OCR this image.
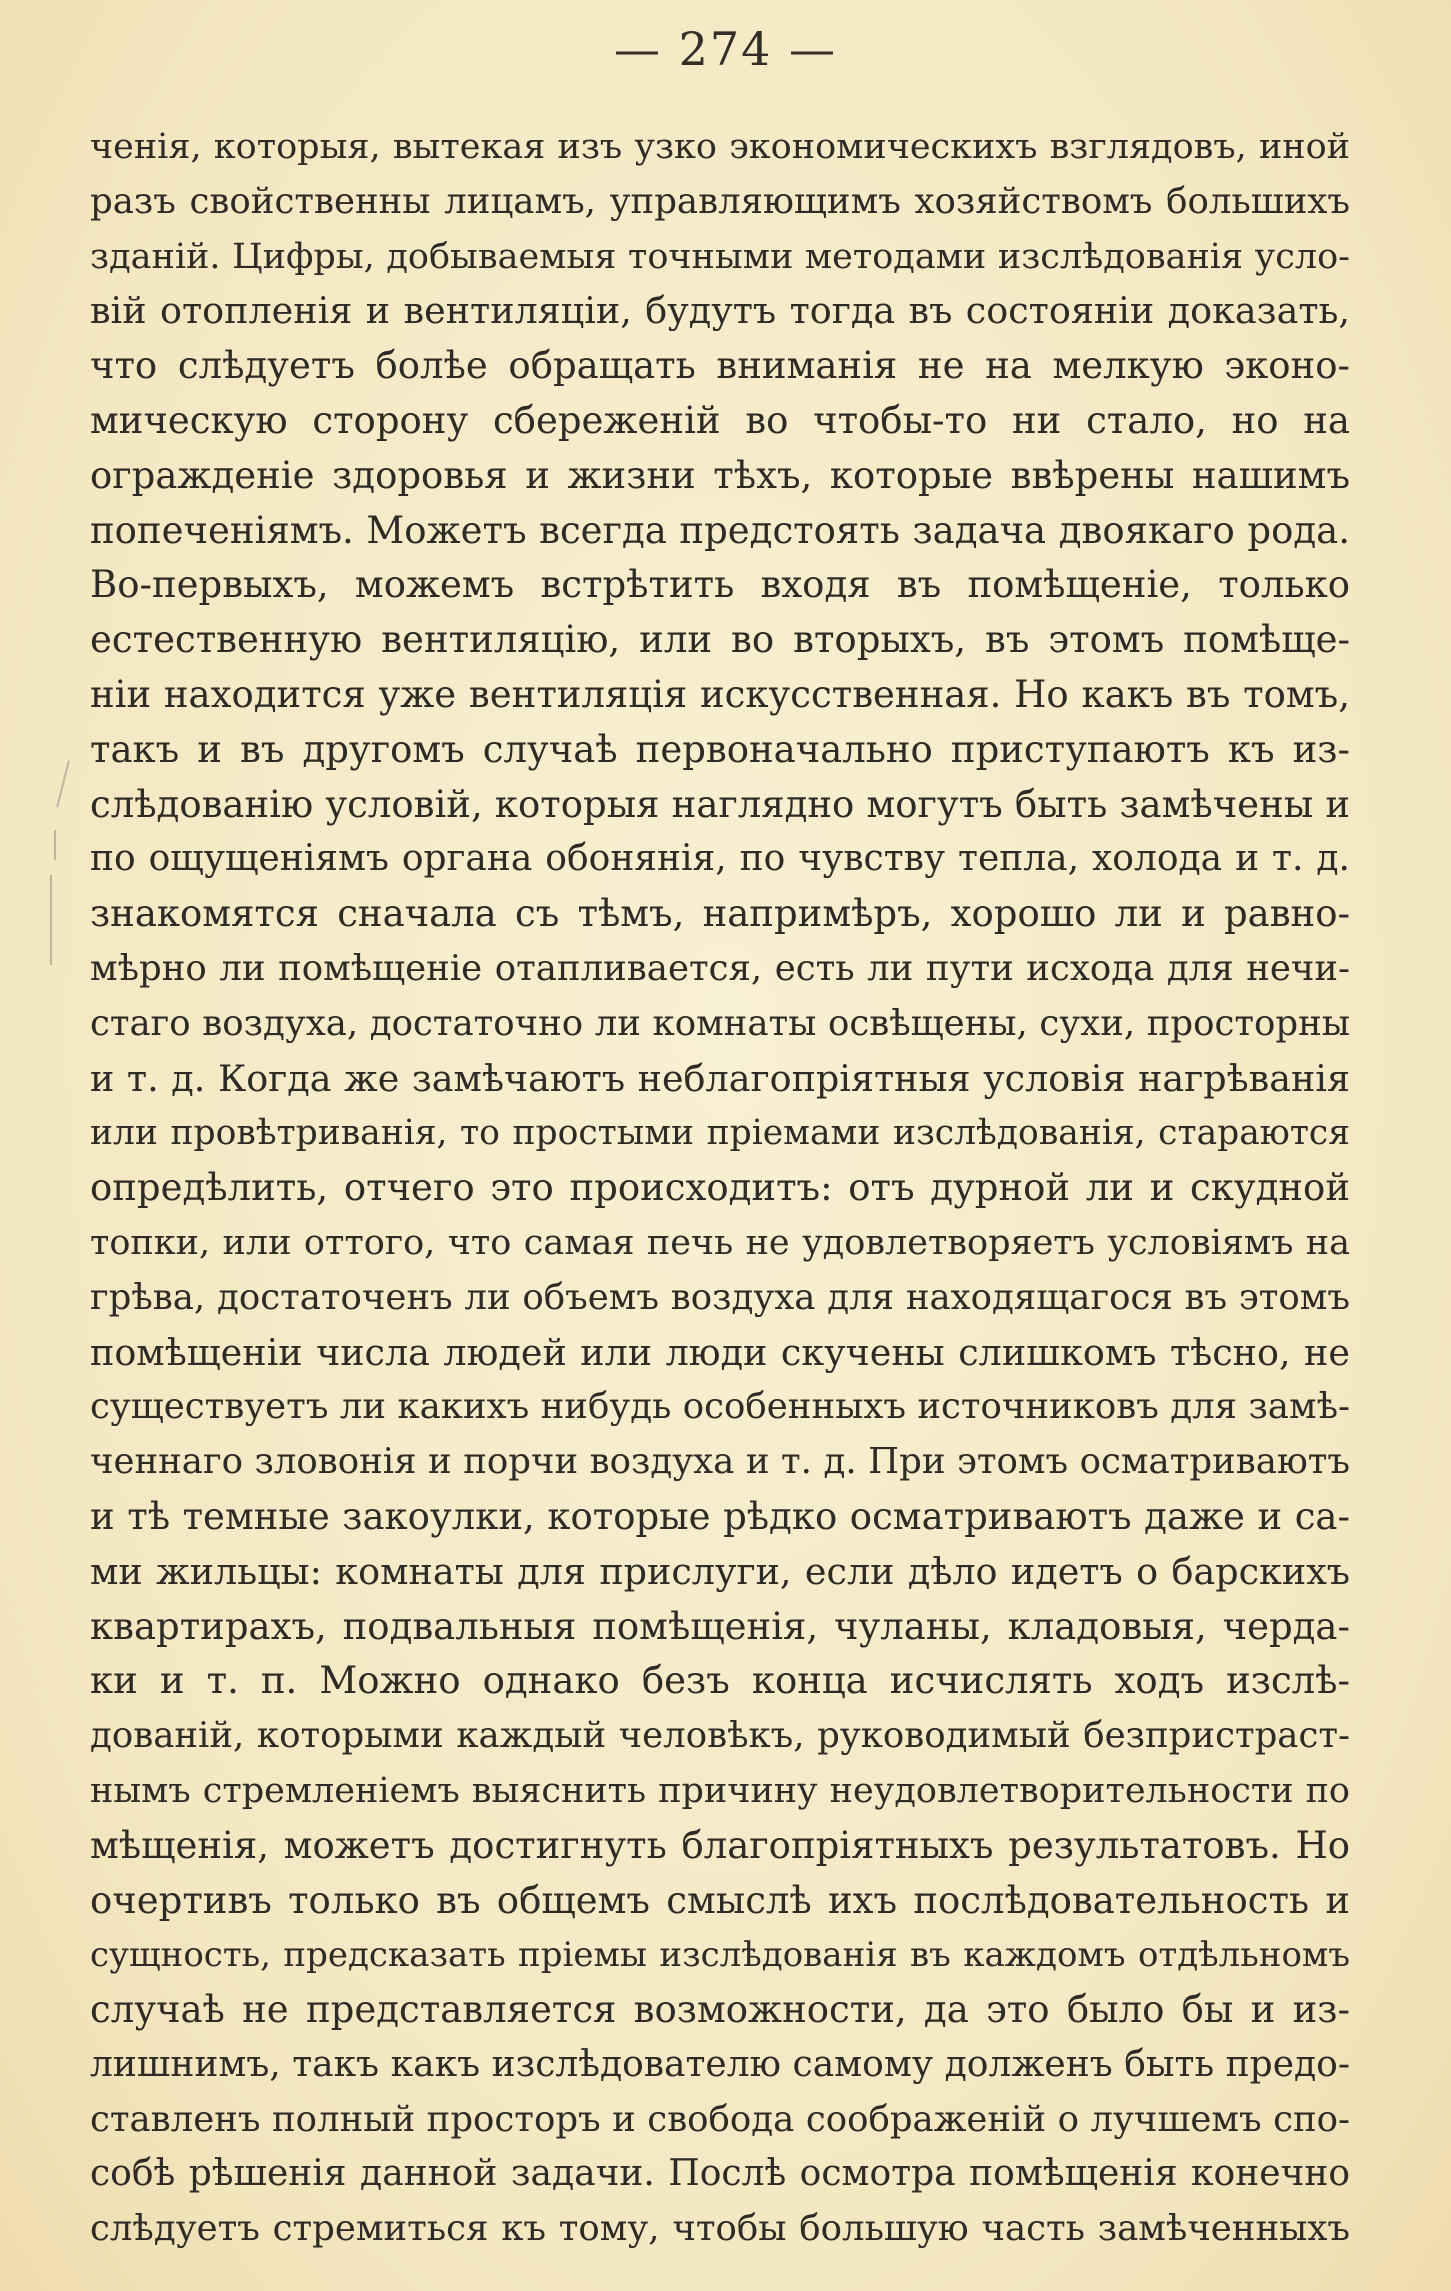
— 274 —
ченія, которыя, вытекая изъ узко экономическихъ взглядовъ, иной
разъ свойственны лицамъ, управляющимъ хозяйствомъ большихъ
зданій. Цифры, добываемыя точными методами изслѣдованія усло-
вій отопленія и вентиляціи, будутъ тогда въ состояніи доказать,
что слѣдуетъ болѣе обращать вниманія не на мелкую эконо-
мическую сторону сбереженій во чтобы-то ни стало, но на
огражденіе здоровья и жизни тѣхъ, которые ввѣрены нашимъ
попеченіямъ. Можетъ всегда предстоять задача двоякаго рода.
Во-первыхъ, можемъ встрѣтить входя въ помѣщеніе, только
естественную вентиляцію, или во вторыхъ, въ этомъ помѣще-
ніи находится уже вентиляція искусственная. Но какъ въ томъ,
такъ и въ другомъ случаѣ первоначально приступаютъ къ из-
слѣдованію условій, которыя наглядно могутъ быть замѣчены и
по ощущеніямъ органа обонянія, по чувству тепла, холода и т. д.
знакомятся сначала съ тѣмъ, напримѣръ, хорошо ли и равно-
мѣрно ли помѣщеніе отапливается, есть ли пути исхода для нечи-
стаго воздуха, достаточно ли комнаты освѣщены, сухи, просторны
и т. д. Когда же замѣчаютъ неблагопріятныя условія нагрѣванія
или провѣтриванія, то простыми пріемами изслѣдованія, стараются
опредѣлить, отчего это происходитъ: отъ дурной ли и скудной
топки, или оттого, что самая печь не удовлетворяетъ условіямъ на
грѣва, достаточенъ ли объемъ воздуха для находящагося въ этомъ
помѣщеніи числа людей или люди скучены слишкомъ тѣсно, не
существуетъ ли какихъ нибудь особенныхъ источниковъ для замѣ-
ченнаго зловонія и порчи воздуха и т. д. При этомъ осматриваютъ
и тѣ темные закоулки, которые рѣдко осматриваютъ даже и са-
ми жильцы: комнаты для прислуги, если дѣло идетъ о барскихъ
квартирахъ, подвальныя помѣщенія, чуланы, кладовыя, черда-
ки и т. п. Можно однако безъ конца исчислять ходъ изслѣ-
дованій, которыми каждый человѣкъ, руководимый безпристраст-
нымъ стремленіемъ выяснить причину неудовлетворительности по
мѣщенія, можетъ достигнуть благопріятныхъ результатовъ. Но
очертивъ только въ общемъ смыслѣ ихъ послѣдовательность и
сущность, предсказать пріемы изслѣдованія въ каждомъ отдѣльномъ
случаѣ не представляется возможности, да это было бы и из-
лишнимъ, такъ какъ изслѣдователю самому долженъ быть предо-
ставленъ полный просторъ и свобода соображеній о лучшемъ спо-
собѣ рѣшенія данной задачи. Послѣ осмотра помѣщенія конечно
слѣдуетъ стремиться къ тому, чтобы большую часть замѣченныхъ
